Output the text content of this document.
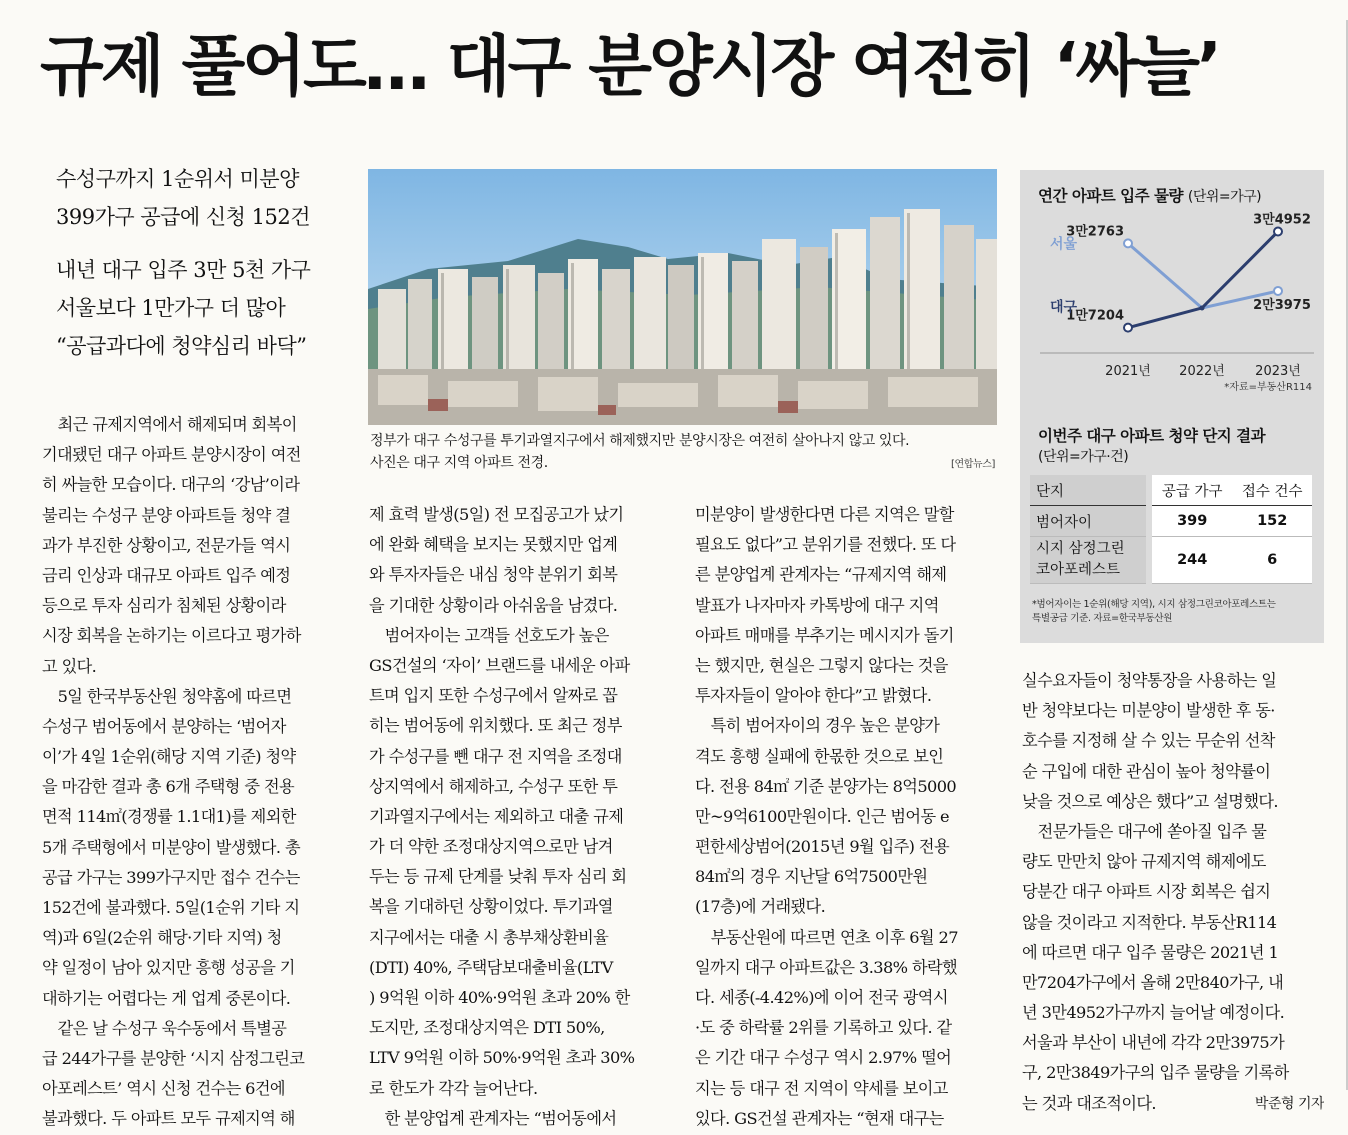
규제 풀어도… 대구 분양시장 여전히 ‘싸늘’
수성구까지 1순위서 미분양
399가구 공급에 신청 152건
내년 대구 입주 3만 5천 가구
서울보다 1만가구 더 많아
“공급과다에 청약심리 바닥”
정부가 대구 수성구를 투기과열지구에서 해제했지만 분양시장은 여전히 살아나지 않고 있다.
사진은 대구 지역 아파트 전경.	[연합뉴스]
　최근 규제지역에서 해제되며 회복이
기대됐던 대구 아파트 분양시장이 여전
히 싸늘한 모습이다. 대구의 ‘강남’이라
불리는 수성구 분양 아파트들 청약 결
과가 부진한 상황이고, 전문가들 역시
금리 인상과 대규모 아파트 입주 예정
등으로 투자 심리가 침체된 상황이라
시장 회복을 논하기는 이르다고 평가하
고 있다.
　5일 한국부동산원 청약홈에 따르면
수성구 범어동에서 분양하는 ‘범어자
이’가 4일 1순위(해당 지역 기준) 청약
을 마감한 결과 총 6개 주택형 중 전용
면적 114㎡(경쟁률 1.1대1)를 제외한
5개 주택형에서 미분양이 발생했다. 총
공급 가구는 399가구지만 접수 건수는
152건에 불과했다. 5일(1순위 기타 지
역)과 6일(2순위 해당·기타 지역) 청
약 일정이 남아 있지만 흥행 성공을 기
대하기는 어렵다는 게 업계 중론이다.
　같은 날 수성구 욱수동에서 특별공
급 244가구를 분양한 ‘시지 삼정그린코
아포레스트’ 역시 신청 건수는 6건에
불과했다. 두 아파트 모두 규제지역 해
제 효력 발생(5일) 전 모집공고가 났기
에 완화 혜택을 보지는 못했지만 업계
와 투자자들은 내심 청약 분위기 회복
을 기대한 상황이라 아쉬움을 남겼다.
　범어자이는 고객들 선호도가 높은
GS건설의 ‘자이’ 브랜드를 내세운 아파
트며 입지 또한 수성구에서 알짜로 꼽
히는 범어동에 위치했다. 또 최근 정부
가 수성구를 뺀 대구 전 지역을 조정대
상지역에서 해제하고, 수성구 또한 투
기과열지구에서는 제외하고 대출 규제
가 더 약한 조정대상지역으로만 남겨
두는 등 규제 단계를 낮춰 투자 심리 회
복을 기대하던 상황이었다. 투기과열
지구에서는 대출 시 총부채상환비율
(DTI) 40%, 주택담보대출비율(LTV
) 9억원 이하 40%·9억원 초과 20% 한
도지만, 조정대상지역은 DTI 50%,
LTV 9억원 이하 50%·9억원 초과 30%
로 한도가 각각 늘어난다.
　한 분양업계 관계자는 “범어동에서
미분양이 발생한다면 다른 지역은 말할
필요도 없다”고 분위기를 전했다. 또 다
른 분양업계 관계자는 “규제지역 해제
발표가 나자마자 카톡방에 대구 지역
아파트 매매를 부추기는 메시지가 돌기
는 했지만, 현실은 그렇지 않다는 것을
투자자들이 알아야 한다”고 밝혔다.
　특히 범어자이의 경우 높은 분양가
격도 흥행 실패에 한몫한 것으로 보인
다. 전용 84㎡ 기준 분양가는 8억5000
만~9억6100만원이다. 인근 범어동 e
편한세상범어(2015년 9월 입주) 전용
84㎡의 경우 지난달 6억7500만원
(17층)에 거래됐다.
　부동산원에 따르면 연초 이후 6월 27
일까지 대구 아파트값은 3.38% 하락했
다. 세종(-4.42%)에 이어 전국 광역시
·도 중 하락률 2위를 기록하고 있다. 같
은 기간 대구 수성구 역시 2.97% 떨어
지는 등 대구 전 지역이 약세를 보이고
있다. GS건설 관계자는 “현재 대구는
실수요자들이 청약통장을 사용하는 일
반 청약보다는 미분양이 발생한 후 동·
호수를 지정해 살 수 있는 무순위 선착
순 구입에 대한 관심이 높아 청약률이
낮을 것으로 예상은 했다”고 설명했다.
　전문가들은 대구에 쏟아질 입주 물
량도 만만치 않아 규제지역 해제에도
당분간 대구 아파트 시장 회복은 쉽지
않을 것이라고 지적한다. 부동산R114
에 따르면 대구 입주 물량은 2021년 1
만7204가구에서 올해 2만840가구, 내
년 3만4952가구까지 늘어날 예정이다.
서울과 부산이 내년에 각각 2만3975가
구, 2만3849가구의 입주 물량을 기록하
는 것과 대조적이다.	박준형 기자
연간 아파트 입주 물량 (단위=가구)
3만2763
2만3975
서울
1만7204
3만4952
대구
2021년 2022년 2023년
*자료=부동산R114
이번주 대구 아파트 청약 단지 결과
(단위=가구·건)
단지	공급 가구	접수 건수
범어자이	399	152

시지 삼정그린
코아포레스트	244	6
*범어자이는 1순위(해당 지역), 시지 삼정그린코아포레스트는
특별공급 기준. 자료=한국부동산원
